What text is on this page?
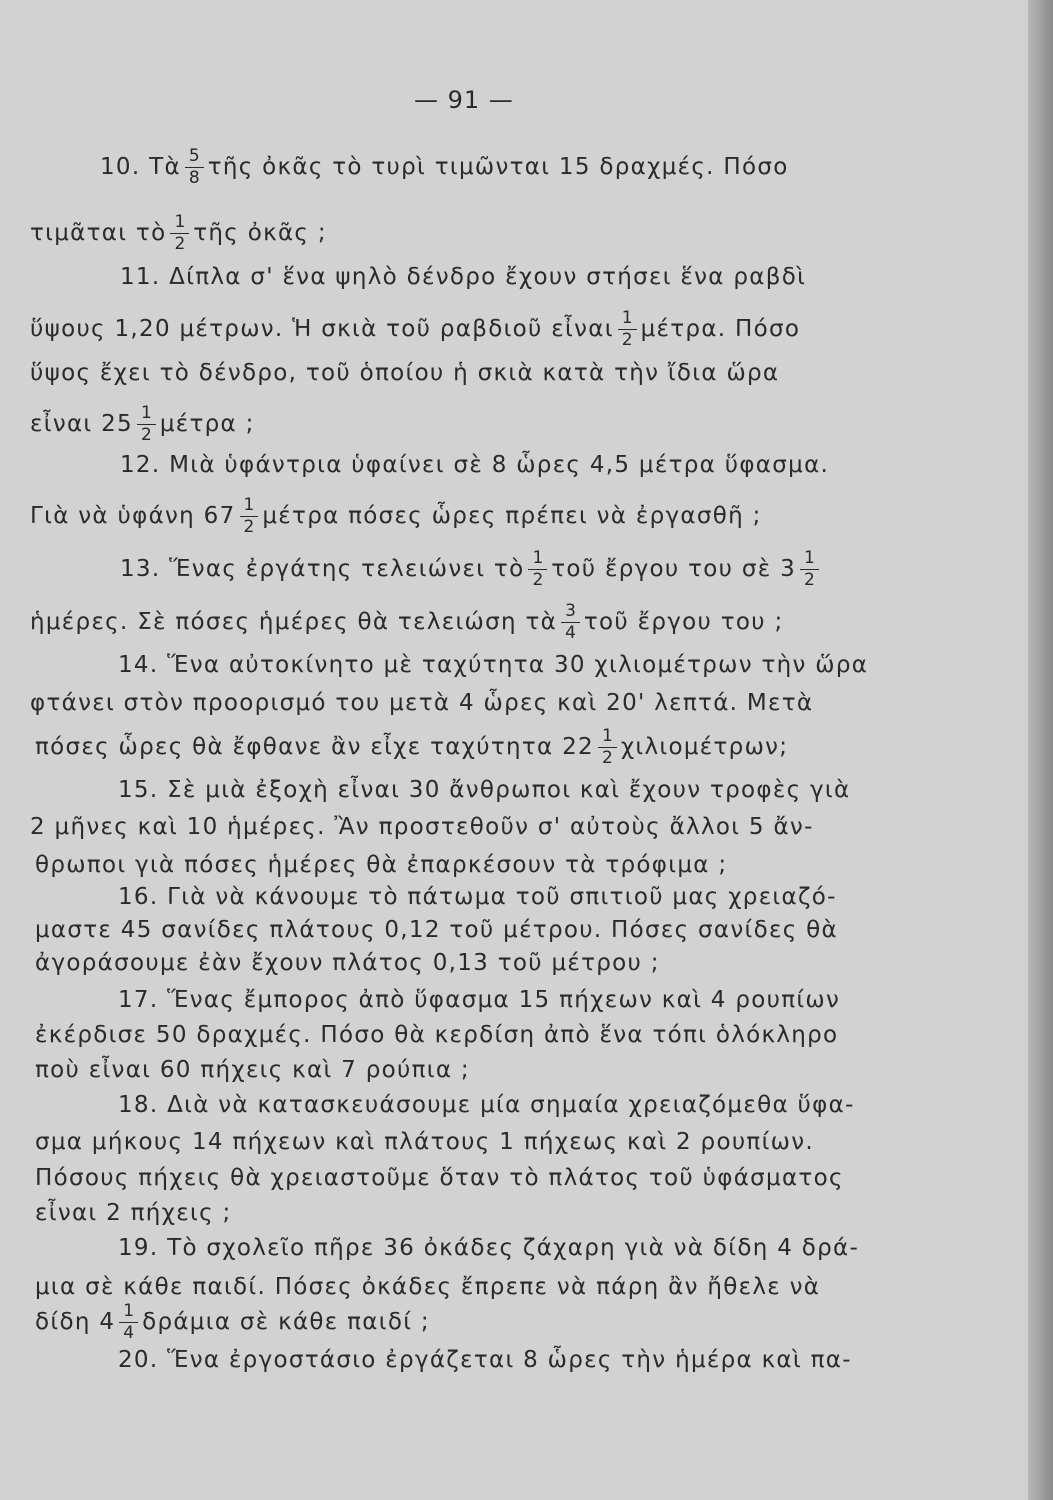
— 91 —
10. Τὰ $\frac{5}{8}$ τῆς ὀκᾶς τὸ τυρὶ τιμῶνται 15 δραχμές. Πόσο
τιμᾶται τὸ $\frac{1}{2}$ τῆς ὀκᾶς ;
11. Δίπλα σ' ἕνα ψηλὸ δένδρο ἔχουν στήσει ἕνα ραβδὶ
ὕψους 1,20 μέτρων. Ἡ σκιὰ τοῦ ραβδιοῦ εἶναι $\frac{1}{2} \mu έ\tau\rho\alpha$. Πόσο
ὕψος ἔχει τὸ δένδρο, τοῦ ὁποίου ἡ σκιὰ κατὰ τὴν ἴδια ὥρα
εἶναι $25 \frac{1}{2}$ μέτρα ;
12. Μιὰ ὑφάντρια ὑφαίνει σὲ 8 ὧρες 4,5 μέτρα ὕφασμα.
Γιὰ νὰ ὑφάνη $67 \frac{1}{2}$ μέτρα πόσες ὧρες πρέπει νὰ ἐργασθῆ ;
13. Ἕνας ἐργάτης τελειώνει τὸ $\frac{1}{2}$ τοῦ ἔργου του σὲ $3 \frac{1}{2}$
ἡμέρες. Σὲ πόσες ἡμέρες θὰ τελειώση τὰ $\frac{3}{4}$ τοῦ ἔργου του ;
14. Ἕνα αὐτοκίνητο μὲ ταχύτητα 30 χιλιομέτρων τὴν ὥρα
φτάνει στὸν προορισμό του μετὰ 4 ὧρες καὶ 20' λεπτά. Μετὰ
πόσες ὧρες θὰ ἔφθανε ἂν εἶχε ταχύτητα $22 \frac{1}{2} \chi\iota\lambda\iota o\mu έ\tau\rho\omega\nu$;
15. Σὲ μιὰ ἐξοχὴ εἶναι 30 ἄνθρωποι καὶ ἔχουν τροφὲς γιὰ
2 μῆνες καὶ 10 ἡμέρες. Ἂν προστεθοῦν σ' αὐτοὺς ἄλλοι 5 ἄν-
θρωποι γιὰ πόσες ἡμέρες θὰ ἐπαρκέσουν τὰ τρόφιμα ;
16. Γιὰ νὰ κάνουμε τὸ πάτωμα τοῦ σπιτιοῦ μας χρειαζό-
μαστε 45 σανίδες πλάτους 0,12 τοῦ μέτρου. Πόσες σανίδες θὰ
ἀγοράσουμε ἐὰν ἔχουν πλάτος 0,13 τοῦ μέτρου ;
17. Ἕνας ἔμπορος ἀπὸ ὕφασμα 15 πήχεων καὶ 4 ρουπίων
ἐκέρδισε 50 δραχμές. Πόσο θὰ κερδίση ἀπὸ ἕνα τόπι ὁλόκληρο
ποὺ εἶναι 60 πήχεις καὶ 7 ρούπια ;
18. Διὰ νὰ κατασκευάσουμε μία σημαία χρειαζόμεθα ὕφα-
σμα μήκους 14 πήχεων καὶ πλάτους 1 πήχεως καὶ 2 ρουπίων.
Πόσους πήχεις θὰ χρειαστοῦμε ὅταν τὸ πλάτος τοῦ ὑφάσματος
εἶναι 2 πήχεις ;
19. Τὸ σχολεῖο πῆρε 36 ὀκάδες ζάχαρη γιὰ νὰ δίδη 4 δρά-
μια σὲ κάθε παιδί. Πόσες ὀκάδες ἔπρεπε νὰ πάρη ἂν ἤθελε νὰ
δίδη $4 \frac{1}{4}$ δράμια σὲ κάθε παιδί ;
20. Ἕνα ἐργοστάσιο ἐργάζεται 8 ὧρες τὴν ἡμέρα καὶ πα-
